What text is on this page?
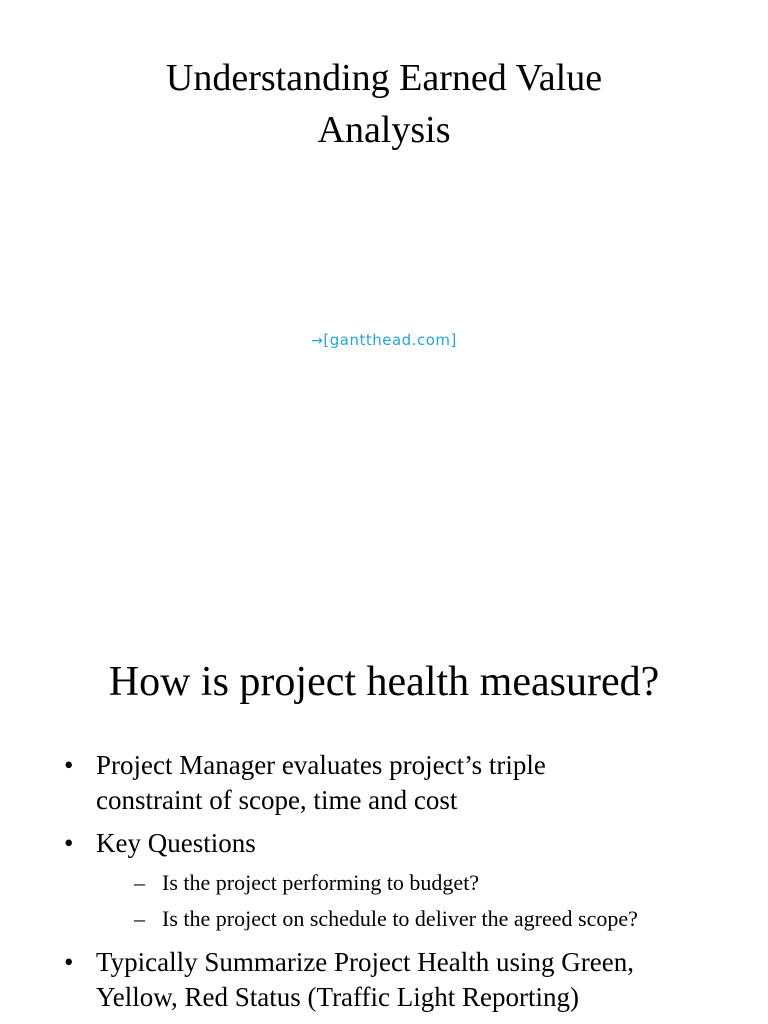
Understanding Earned Value
Analysis
→[gantthead.com]
How is project health measured?
• Project Manager evaluates project’s triple
constraint of scope, time and cost
• Key Questions
– Is the project performing to budget?
– Is the project on schedule to deliver the agreed scope?
• Typically Summarize Project Health using Green,
Yellow, Red Status (Traffic Light Reporting)
